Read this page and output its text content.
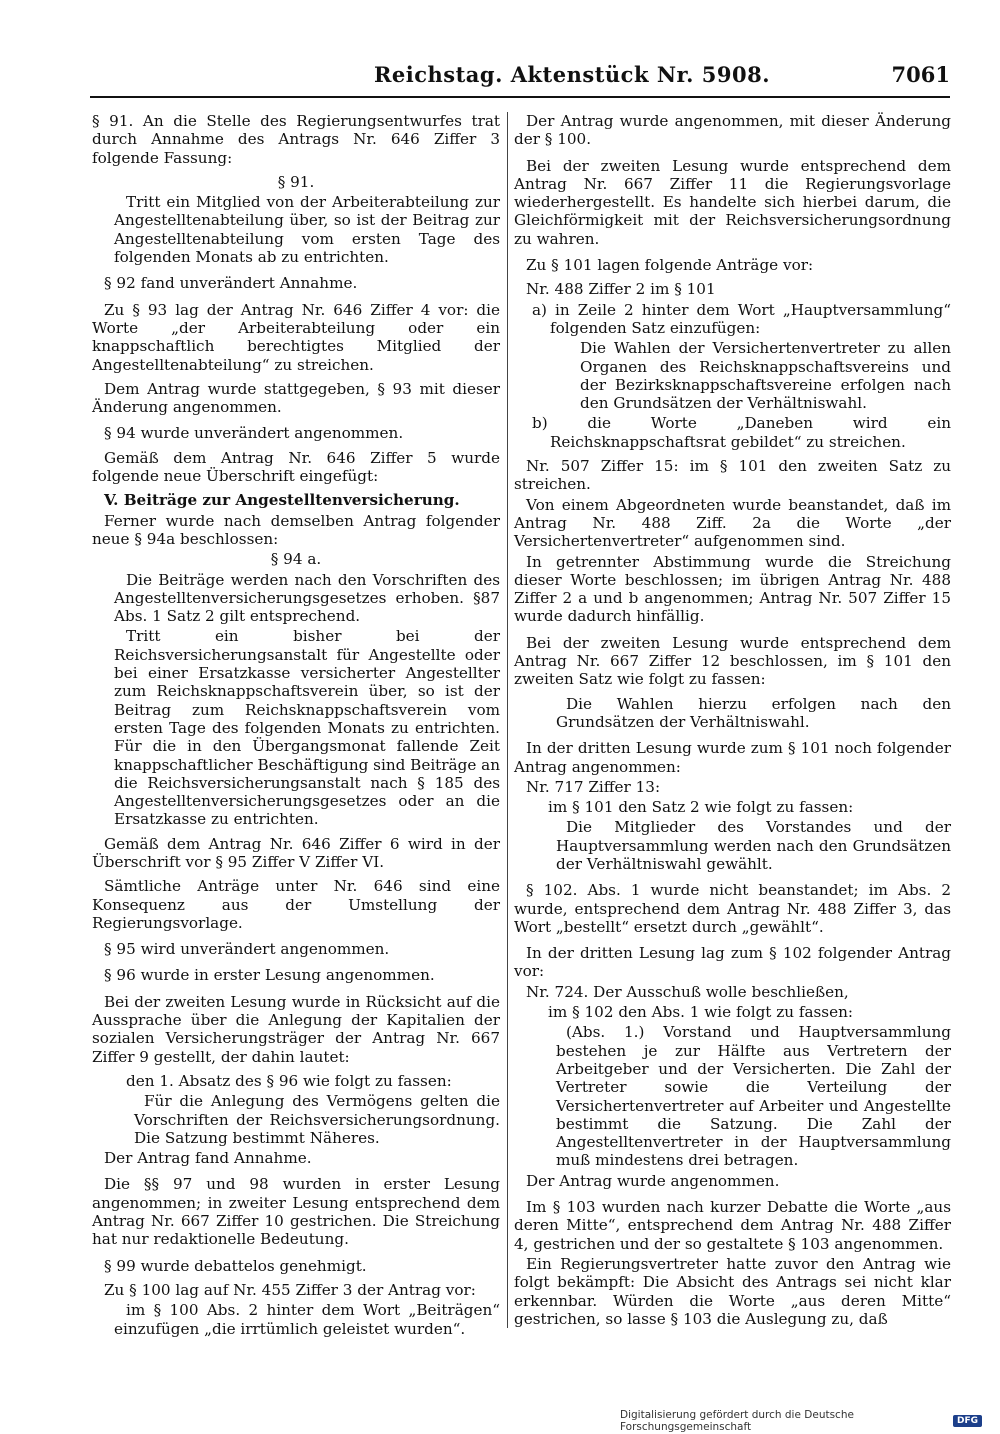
Reichstag. Aktenstück Nr. 5908.	7061

§ 91. An die Stelle des Regierungsentwurfes trat durch Annahme des Antrags Nr. 646 Ziffer 3 folgende Fassung:

§ 91.

Tritt ein Mitglied von der Arbeiterabteilung zur Angestelltenabteilung über, so ist der Beitrag zur Angestelltenabteilung vom ersten Tage des folgenden Monats ab zu entrichten.

§ 92 fand unverändert Annahme.

Zu § 93 lag der Antrag Nr. 646 Ziffer 4 vor: die Worte „der Arbeiterabteilung oder ein knappschaftlich berechtigtes Mitglied der Angestelltenabteilung“ zu streichen.

Dem Antrag wurde stattgegeben, § 93 mit dieser Änderung angenommen.

§ 94 wurde unverändert angenommen.

Gemäß dem Antrag Nr. 646 Ziffer 5 wurde folgende neue Überschrift eingefügt:

V. Beiträge zur Angestelltenversicherung.

Ferner wurde nach demselben Antrag folgender neue § 94a beschlossen:

§ 94 a.

Die Beiträge werden nach den Vorschriften des Angestelltenversicherungsgesetzes erhoben. §87 Abs. 1 Satz 2 gilt entsprechend.

Tritt ein bisher bei der Reichsversicherungsanstalt für Angestellte oder bei einer Ersatzkasse versicherter Angestellter zum Reichsknappschaftsverein über, so ist der Beitrag zum Reichsknappschaftsverein vom ersten Tage des folgenden Monats zu entrichten. Für die in den Übergangsmonat fallende Zeit knappschaftlicher Beschäftigung sind Beiträge an die Reichsversicherungsanstalt nach § 185 des Angestelltenversicherungsgesetzes oder an die Ersatzkasse zu entrichten.

Gemäß dem Antrag Nr. 646 Ziffer 6 wird in der Überschrift vor § 95 Ziffer V Ziffer VI.

Sämtliche Anträge unter Nr. 646 sind eine Konsequenz aus der Umstellung der Regierungsvorlage.

§ 95 wird unverändert angenommen.

§ 96 wurde in erster Lesung angenommen.

Bei der zweiten Lesung wurde in Rücksicht auf die Aussprache über die Anlegung der Kapitalien der sozialen Versicherungsträger der Antrag Nr. 667 Ziffer 9 gestellt, der dahin lautet:

den 1. Absatz des § 96 wie folgt zu fassen:

Für die Anlegung des Vermögens gelten die Vorschriften der Reichsversicherungsordnung. Die Satzung bestimmt Näheres.

Der Antrag fand Annahme.

Die §§ 97 und 98 wurden in erster Lesung angenommen; in zweiter Lesung entsprechend dem Antrag Nr. 667 Ziffer 10 gestrichen. Die Streichung hat nur redaktionelle Bedeutung.

§ 99 wurde debattelos genehmigt.

Zu § 100 lag auf Nr. 455 Ziffer 3 der Antrag vor:

im § 100 Abs. 2 hinter dem Wort „Beiträgen“ einzufügen „die irrtümlich geleistet wurden“.

Der Antrag wurde angenommen, mit dieser Änderung der § 100.

Bei der zweiten Lesung wurde entsprechend dem Antrag Nr. 667 Ziffer 11 die Regierungsvorlage wiederhergestellt. Es handelte sich hierbei darum, die Gleichförmigkeit mit der Reichsversicherungsordnung zu wahren.

Zu § 101 lagen folgende Anträge vor:

Nr. 488 Ziffer 2 im § 101

a) in Zeile 2 hinter dem Wort „Hauptversammlung“ folgenden Satz einzufügen:

Die Wahlen der Versichertenvertreter zu allen Organen des Reichsknappschaftsvereins und der Bezirksknappschaftsvereine erfolgen nach den Grundsätzen der Verhältniswahl.

b) die Worte „Daneben wird ein Reichsknappschaftsrat gebildet“ zu streichen.

Nr. 507 Ziffer 15: im § 101 den zweiten Satz zu streichen.

Von einem Abgeordneten wurde beanstandet, daß im Antrag Nr. 488 Ziff. 2a die Worte „der Versichertenvertreter“ aufgenommen sind.

In getrennter Abstimmung wurde die Streichung dieser Worte beschlossen; im übrigen Antrag Nr. 488 Ziffer 2 a und b angenommen; Antrag Nr. 507 Ziffer 15 wurde dadurch hinfällig.

Bei der zweiten Lesung wurde entsprechend dem Antrag Nr. 667 Ziffer 12 beschlossen, im § 101 den zweiten Satz wie folgt zu fassen:

Die Wahlen hierzu erfolgen nach den Grundsätzen der Verhältniswahl.

In der dritten Lesung wurde zum § 101 noch folgender Antrag angenommen:

Nr. 717 Ziffer 13:

im § 101 den Satz 2 wie folgt zu fassen:

Die Mitglieder des Vorstandes und der Hauptversammlung werden nach den Grundsätzen der Verhältniswahl gewählt.

§ 102. Abs. 1 wurde nicht beanstandet; im Abs. 2 wurde, entsprechend dem Antrag Nr. 488 Ziffer 3, das Wort „bestellt“ ersetzt durch „gewählt“.

In der dritten Lesung lag zum § 102 folgender Antrag vor:

Nr. 724. Der Ausschuß wolle beschließen,

im § 102 den Abs. 1 wie folgt zu fassen:

(Abs. 1.) Vorstand und Hauptversammlung bestehen je zur Hälfte aus Vertretern der Arbeitgeber und der Versicherten. Die Zahl der Vertreter sowie die Verteilung der Versichertenvertreter auf Arbeiter und Angestellte bestimmt die Satzung. Die Zahl der Angestelltenvertreter in der Hauptversammlung muß mindestens drei betragen.

Der Antrag wurde angenommen.

Im § 103 wurden nach kurzer Debatte die Worte „aus deren Mitte“, entsprechend dem Antrag Nr. 488 Ziffer 4, gestrichen und der so gestaltete § 103 angenommen.

Ein Regierungsvertreter hatte zuvor den Antrag wie folgt bekämpft: Die Absicht des Antrags sei nicht klar erkennbar. Würden die Worte „aus deren Mitte“ gestrichen, so lasse § 103 die Auslegung zu, daß

Digitalisierung gefördert durch die Deutsche Forschungsgemeinschaft	DFG
